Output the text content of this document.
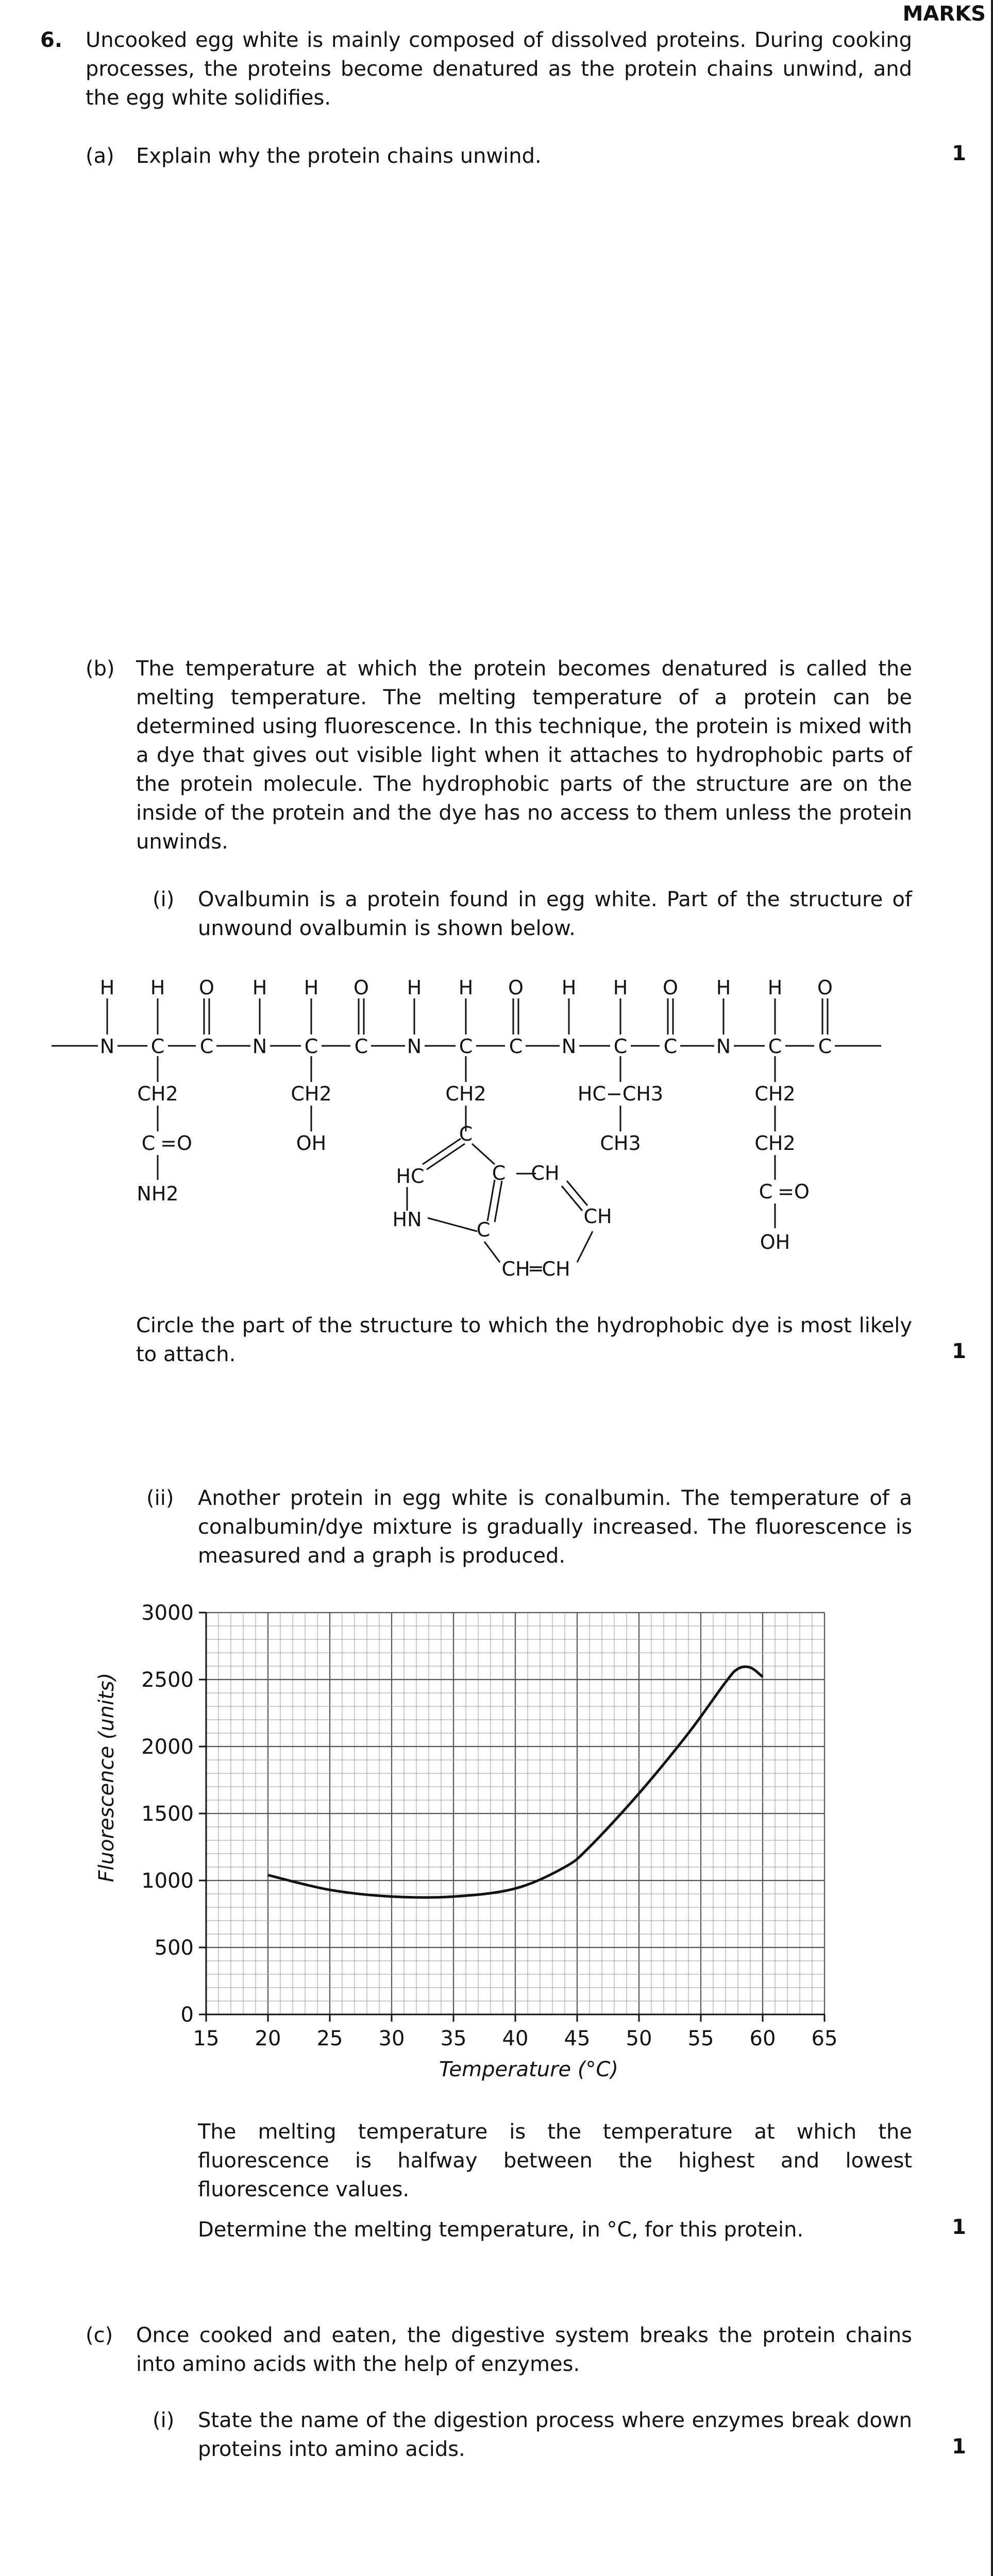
MARKS
6. Uncooked egg white is mainly composed of dissolved proteins. During cooking processes, the proteins become denatured as the protein chains unwind, and the egg white solidifies.
(a) Explain why the protein chains unwind.	1
(b) The temperature at which the protein becomes denatured is called the melting temperature. The melting temperature of a protein can be determined using fluorescence. In this technique, the protein is mixed with a dye that gives out visible light when it attaches to hydrophobic parts of the protein molecule. The hydrophobic parts of the structure are on the inside of the protein and the dye has no access to them unless the protein unwinds.
(i) Ovalbumin is a protein found in egg white. Part of the structure of unwound ovalbumin is shown below.
H H O H H O H H O H H O H H O
N C C N C C N C C N C C N C C
CH2
C =O
NH2
CH2
OH
CH2
C
HC	C CH
HN	C
CH
CH═CH
HC−CH3
CH3
CH2
CH2
C =O
OH
Circle the part of the structure to which the hydrophobic dye is most likely to attach.	1
(ii) Another protein in egg white is conalbumin. The temperature of a conalbumin/dye mixture is gradually increased. The fluorescence is measured and a graph is produced.
0
500
1000
1500
2000
2500
3000
15 20 25 30 35 40 45 50 55 60 65
Temperature (°C)
Fluorescence (units)
The melting temperature is the temperature at which the fluorescence is halfway between the highest and lowest fluorescence values.
Determine the melting temperature, in °C, for this protein.	1
(c) Once cooked and eaten, the digestive system breaks the protein chains into amino acids with the help of enzymes.
(i) State the name of the digestion process where enzymes break down proteins into amino acids.	1
